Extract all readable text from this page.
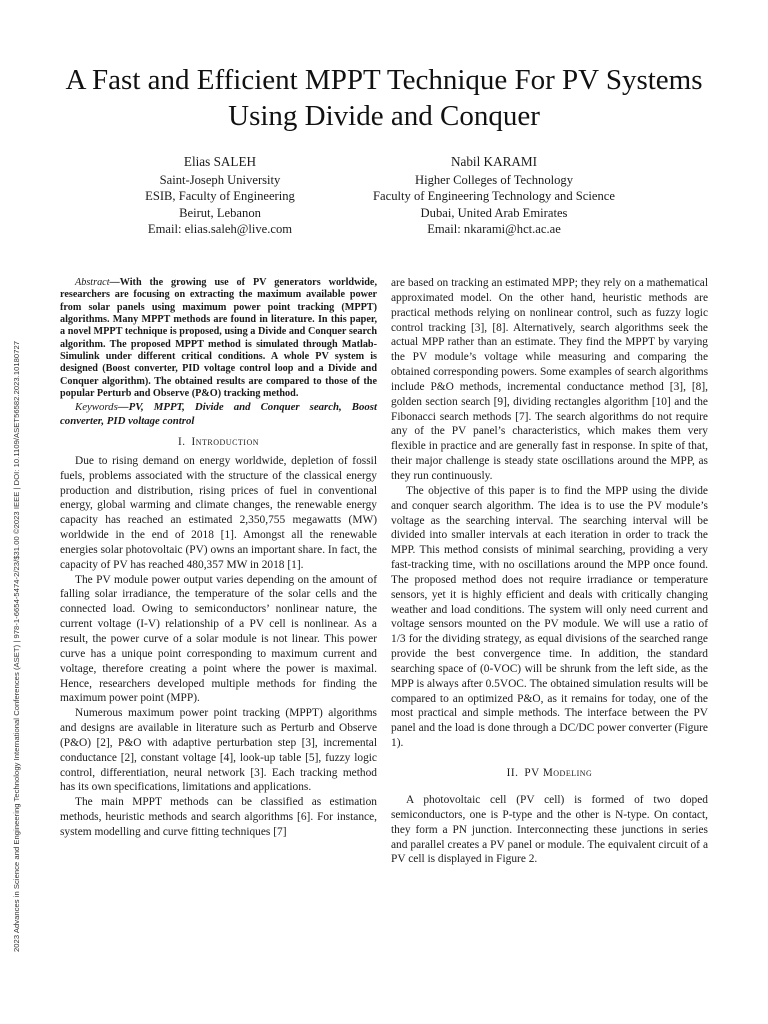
2023 Advances in Science and Engineering Technology International Conferences (ASET) | 978-1-6654-5474-2/23/$31.00 ©2023 IEEE | DOI: 10.1109/ASET56582.2023.10180727
A Fast and Efficient MPPT Technique For PV Systems Using Divide and Conquer
Elias SALEH
Saint-Joseph University
ESIB, Faculty of Engineering
Beirut, Lebanon
Email: elias.saleh@live.com
Nabil KARAMI
Higher Colleges of Technology
Faculty of Engineering Technology and Science
Dubai, United Arab Emirates
Email: nkarami@hct.ac.ae

Abstract—With the growing use of PV generators worldwide, researchers are focusing on extracting the maximum available power from solar panels using maximum power point tracking (MPPT) algorithms. Many MPPT methods are found in literature. In this paper, a novel MPPT technique is proposed, using a Divide and Conquer search algorithm. The proposed MPPT method is simulated through Matlab-Simulink under different critical conditions. A whole PV system is designed (Boost converter, PID voltage control loop and a Divide and Conquer algorithm). The obtained results are compared to those of the popular Perturb and Observe (P&O) tracking method.

Keywords—PV, MPPT, Divide and Conquer search, Boost converter, PID voltage control

I. Introduction

Due to rising demand on energy worldwide, depletion of fossil fuels, problems associated with the structure of the classical energy production and distribution, rising prices of fuel in conventional energy, global warming and climate changes, the renewable energy capacity has reached an estimated 2,350,755 megawatts (MW) worldwide in the end of 2018 [1]. Amongst all the renewable energies solar photovoltaic (PV) owns an important share. In fact, the capacity of PV has reached 480,357 MW in 2018 [1].

The PV module power output varies depending on the amount of falling solar irradiance, the temperature of the solar cells and the connected load. Owing to semiconductors’ nonlinear nature, the current voltage (I-V) relationship of a PV cell is nonlinear. As a result, the power curve of a solar module is not linear. This power curve has a unique point corresponding to maximum current and voltage, therefore creating a point where the power is maximal. Hence, researchers developed multiple methods for finding the maximum power point (MPP).

Numerous maximum power point tracking (MPPT) algorithms and designs are available in literature such as Perturb and Observe (P&O) [2], P&O with adaptive perturbation step [3], incremental conductance [2], constant voltage [4], look-up table [5], fuzzy logic control, differentiation, neural network [3]. Each tracking method has its own specifications, limitations and applications.

The main MPPT methods can be classified as estimation methods, heuristic methods and search algorithms [6]. For instance, system modelling and curve fitting techniques [7]

are based on tracking an estimated MPP; they rely on a mathematical approximated model. On the other hand, heuristic methods are practical methods relying on nonlinear control, such as fuzzy logic control tracking [3], [8]. Alternatively, search algorithms seek the actual MPP rather than an estimate. They find the MPPT by varying the PV module’s voltage while measuring and comparing the obtained corresponding powers. Some examples of search algorithms include P&O methods, incremental conductance method [3], [8], golden section search [9], dividing rectangles algorithm [10] and the Fibonacci search methods [7]. The search algorithms do not require any of the PV panel’s characteristics, which makes them very flexible in practice and are generally fast in response. In spite of that, their major challenge is steady state oscillations around the MPP, as they run continuously.

The objective of this paper is to find the MPP using the divide and conquer search algorithm. The idea is to use the PV module’s voltage as the searching interval. The searching interval will be divided into smaller intervals at each iteration in order to track the MPP. This method consists of minimal searching, providing a very fast-tracking time, with no oscillations around the MPP once found. The proposed method does not require irradiance or temperature sensors, yet it is highly efficient and deals with critically changing weather and load conditions. The system will only need current and voltage sensors mounted on the PV module. We will use a ratio of 1/3 for the dividing strategy, as equal divisions of the searched range provide the best convergence time. In addition, the standard searching space of (0-VOC) will be shrunk from the left side, as the MPP is always after 0.5VOC. The obtained simulation results will be compared to an optimized P&O, as it remains for today, one of the most practical and simple methods. The interface between the PV panel and the load is done through a DC/DC power converter (Figure 1).

II. PV Modeling

A photovoltaic cell (PV cell) is formed of two doped semiconductors, one is P-type and the other is N-type. On contact, they form a PN junction. Interconnecting these junctions in series and parallel creates a PV panel or module. The equivalent circuit of a PV cell is displayed in Figure 2.
